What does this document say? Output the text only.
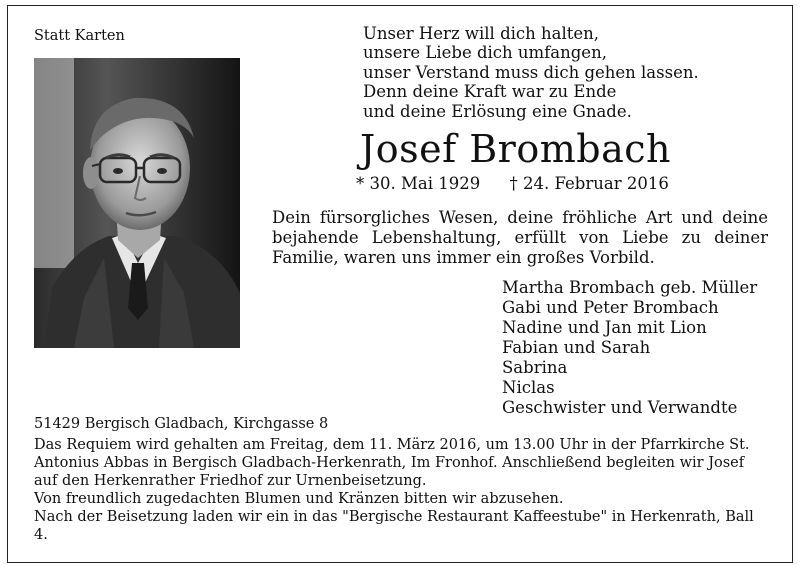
Statt Karten	Unser Herz will dich halten,
unsere Liebe dich umfangen,
unser Verstand muss dich gehen lassen.
Denn deine Kraft war zu Ende
und deine Erlösung eine Gnade.
Josef Brombach
* 30. Mai 1929 † 24. Februar 2016
Dein fürsorgliches Wesen, deine fröhliche Art und deine bejahende Lebenshaltung, erfüllt von Liebe zu deiner Familie, waren uns immer ein großes Vorbild.
Martha Brombach geb. Müller
Gabi und Peter Brombach
Nadine und Jan mit Lion
Fabian und Sarah
Sabrina
Niclas
Geschwister und Verwandte
51429 Bergisch Gladbach, Kirchgasse 8

Das Requiem wird gehalten am Freitag, dem 11. März 2016, um 13.00 Uhr in der Pfarrkirche St. Antonius Abbas in Bergisch Gladbach-Herkenrath, Im Fronhof. Anschließend begleiten wir Josef auf den Herkenrather Friedhof zur Urnenbeisetzung.

Von freundlich zugedachten Blumen und Kränzen bitten wir abzusehen.

Nach der Beisetzung laden wir ein in das "Bergische Restaurant Kaffeestube" in Herkenrath, Ball 4.
